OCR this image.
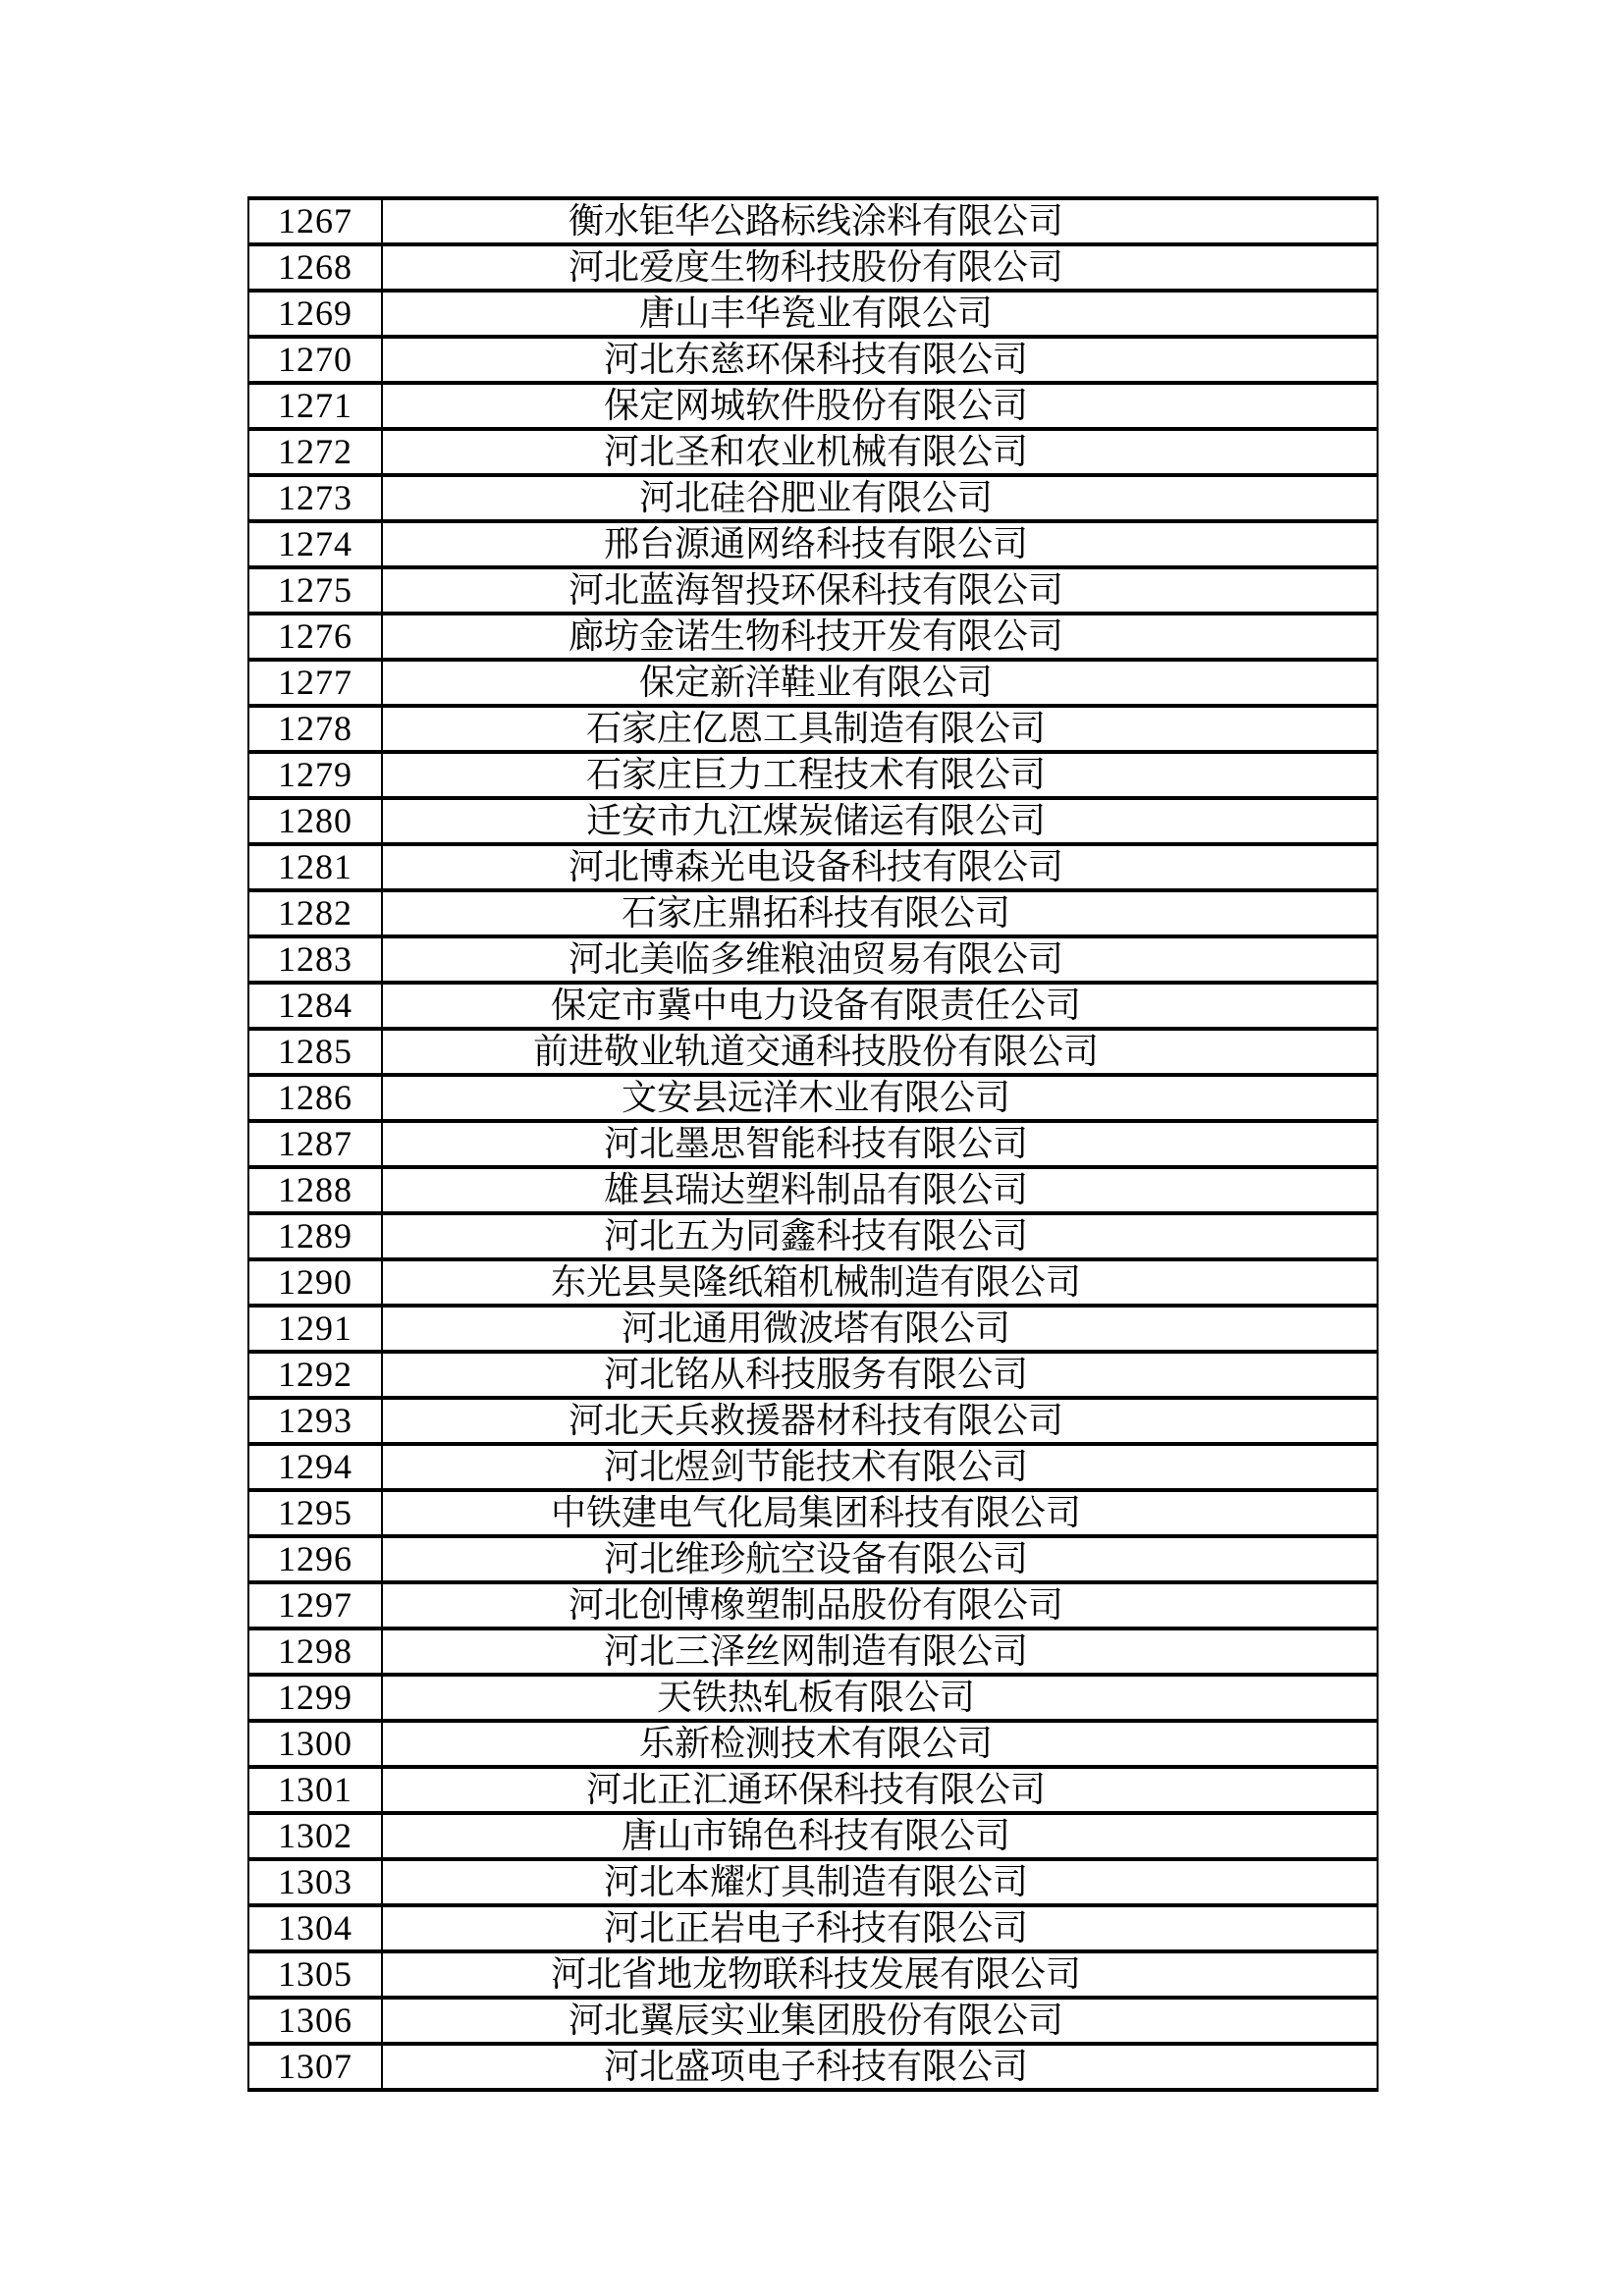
1267	衡水钜华公路标线涂料有限公司
1268	河北爱度生物科技股份有限公司
1269	唐山丰华瓷业有限公司
1270	河北东慈环保科技有限公司
1271	保定网城软件股份有限公司
1272	河北圣和农业机械有限公司
1273	河北硅谷肥业有限公司
1274	邢台源通网络科技有限公司
1275	河北蓝海智投环保科技有限公司
1276	廊坊金诺生物科技开发有限公司
1277	保定新洋鞋业有限公司
1278	石家庄亿恩工具制造有限公司
1279	石家庄巨力工程技术有限公司
1280	迁安市九江煤炭储运有限公司
1281	河北博森光电设备科技有限公司
1282	石家庄鼎拓科技有限公司
1283	河北美临多维粮油贸易有限公司
1284	保定市冀中电力设备有限责任公司
1285	前进敬业轨道交通科技股份有限公司
1286	文安县远洋木业有限公司
1287	河北墨思智能科技有限公司
1288	雄县瑞达塑料制品有限公司
1289	河北五为同鑫科技有限公司
1290	东光县昊隆纸箱机械制造有限公司
1291	河北通用微波塔有限公司
1292	河北铭从科技服务有限公司
1293	河北天兵救援器材科技有限公司
1294	河北煜剑节能技术有限公司
1295	中铁建电气化局集团科技有限公司
1296	河北维珍航空设备有限公司
1297	河北创博橡塑制品股份有限公司
1298	河北三泽丝网制造有限公司
1299	天铁热轧板有限公司
1300	乐新检测技术有限公司
1301	河北正汇通环保科技有限公司
1302	唐山市锦色科技有限公司
1303	河北本耀灯具制造有限公司
1304	河北正岩电子科技有限公司
1305	河北省地龙物联科技发展有限公司
1306	河北翼辰实业集团股份有限公司
1307	河北盛项电子科技有限公司
